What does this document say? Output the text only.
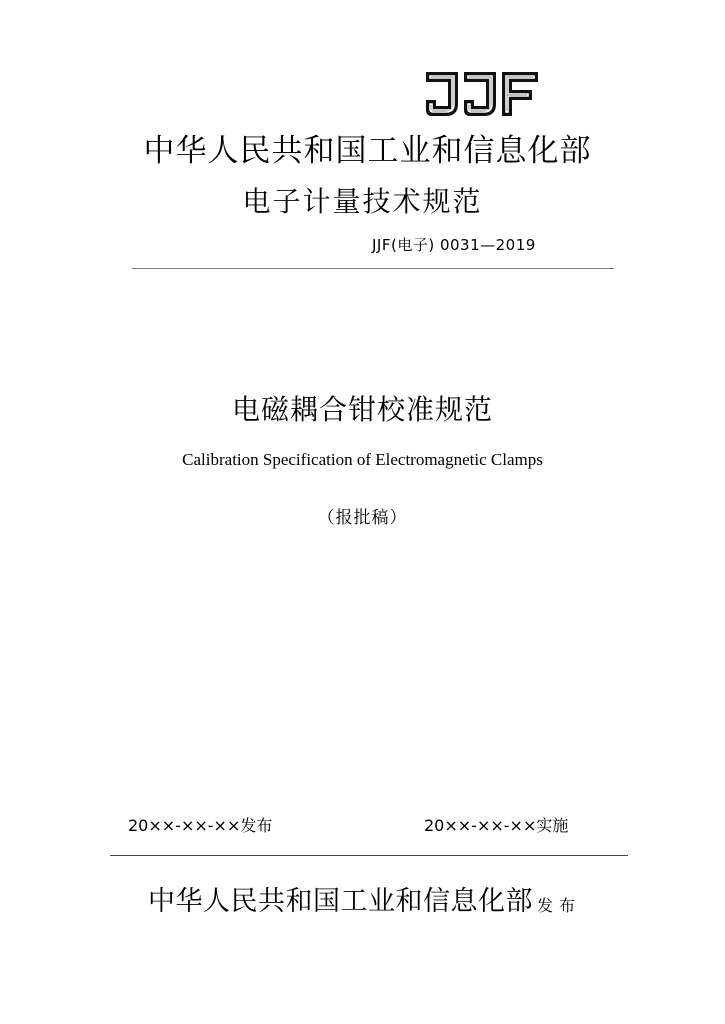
JJF
中华人民共和国工业和信息化部
电子计量技术规范
JJF(电子) 0031—2019
电磁耦合钳校准规范
Calibration Specification of Electromagnetic Clamps
（报批稿）
20××-××-××发布	20××-××-××实施
中华人民共和国工业和信息化部 发布
